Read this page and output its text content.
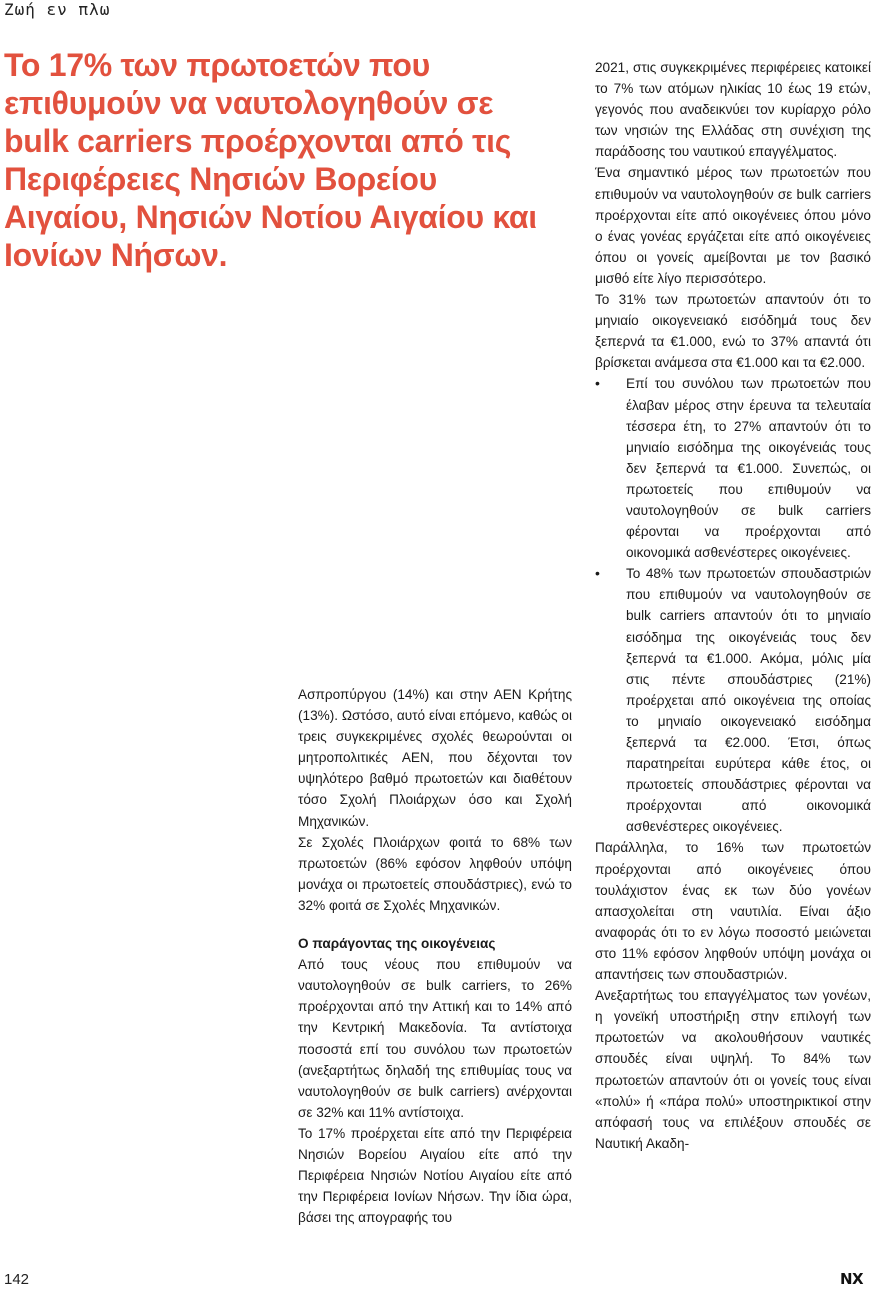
Ζωή εν πλω
Το 17% των πρωτοετών που επιθυμούν να ναυτολογηθούν σε bulk carriers προέρχονται από τις Περιφέρειες Νησιών Βορείου Αιγαίου, Νησιών Νοτίου Αιγαίου και Ιονίων Νήσων.

Ασπροπύργου (14%) και στην ΑΕΝ Κρήτης (13%). Ωστόσο, αυτό είναι επόμενο, καθώς οι τρεις συγκεκριμένες σχολές θεωρούνται οι μητροπολιτικές ΑΕΝ, που δέχονται τον υψηλότερο βαθμό πρωτοετών και διαθέτουν τόσο Σχολή Πλοιάρχων όσο και Σχολή Μηχανικών.

Σε Σχολές Πλοιάρχων φοιτά το 68% των πρωτοετών (86% εφόσον ληφθούν υπόψη μονάχα οι πρωτοετείς σπουδάστριες), ενώ το 32% φοιτά σε Σχολές Μηχανικών.

Ο παράγοντας της οικογένειας

Από τους νέους που επιθυμούν να ναυτολογηθούν σε bulk carriers, το 26% προέρχονται από την Αττική και το 14% από την Κεντρική Μακεδονία. Τα αντίστοιχα ποσοστά επί του συνόλου των πρωτοετών (ανεξαρτήτως δηλαδή της επιθυμίας τους να ναυτολογηθούν σε bulk carriers) ανέρχονται σε 32% και 11% αντίστοιχα.

Το 17% προέρχεται είτε από την Περιφέρεια Νησιών Βορείου Αιγαίου είτε από την Περιφέρεια Νησιών Νοτίου Αιγαίου είτε από την Περιφέρεια Ιονίων Νήσων. Την ίδια ώρα, βάσει της απογραφής του

2021, στις συγκεκριμένες περιφέρειες κατοικεί το 7% των ατόμων ηλικίας 10 έως 19 ετών, γεγονός που αναδεικνύει τον κυρίαρχο ρόλο των νησιών της Ελλάδας στη συνέχιση της παράδοσης του ναυτικού επαγγέλματος.

Ένα σημαντικό μέρος των πρωτοετών που επιθυμούν να ναυτολογηθούν σε bulk carriers προέρχονται είτε από οικογένειες όπου μόνο ο ένας γονέας εργάζεται είτε από οικογένειες όπου οι γονείς αμείβονται με τον βασικό μισθό είτε λίγο περισσότερο.

Το 31% των πρωτοετών απαντούν ότι το μηνιαίο οικογενειακό εισόδημά τους δεν ξεπερνά τα €1.000, ενώ το 37% απαντά ότι βρίσκεται ανάμεσα στα €1.000 και τα €2.000.

• Επί του συνόλου των πρωτοετών που έλαβαν μέρος στην έρευνα τα τελευταία τέσσερα έτη, το 27% απαντούν ότι το μηνιαίο εισόδημα της οικογένειάς τους δεν ξεπερνά τα €1.000. Συνεπώς, οι πρωτοετείς που επιθυμούν να ναυτολογηθούν σε bulk carriers φέρονται να προέρχονται από οικονομικά ασθενέστερες οικογένειες.
• Το 48% των πρωτοετών σπουδαστριών που επιθυμούν να ναυτολογηθούν σε bulk carriers απαντούν ότι το μηνιαίο εισόδημα της οικογένειάς τους δεν ξεπερνά τα €1.000. Ακόμα, μόλις μία στις πέντε σπουδάστριες (21%) προέρχεται από οικογένεια της οποίας το μηνιαίο οικογενειακό εισόδημα ξεπερνά τα €2.000. Έτσι, όπως παρατηρείται ευρύτερα κάθε έτος, οι πρωτοετείς σπουδάστριες φέρονται να προέρχονται από οικονομικά ασθενέστερες οικογένειες.

Παράλληλα, το 16% των πρωτοετών προέρχονται από οικογένειες όπου τουλάχιστον ένας εκ των δύο γονέων απασχολείται στη ναυτιλία. Είναι άξιο αναφοράς ότι το εν λόγω ποσοστό μειώνεται στο 11% εφόσον ληφθούν υπόψη μονάχα οι απαντήσεις των σπουδαστριών.

Ανεξαρτήτως του επαγγέλματος των γονέων, η γονεϊκή υποστήριξη στην επιλογή των πρωτοετών να ακολουθήσουν ναυτικές σπουδές είναι υψηλή. Το 84% των πρωτοετών απαντούν ότι οι γονείς τους είναι «πολύ» ή «πάρα πολύ» υποστηρικτικοί στην απόφασή τους να επιλέξουν σπουδές σε Ναυτική Ακαδη-

142	NX
